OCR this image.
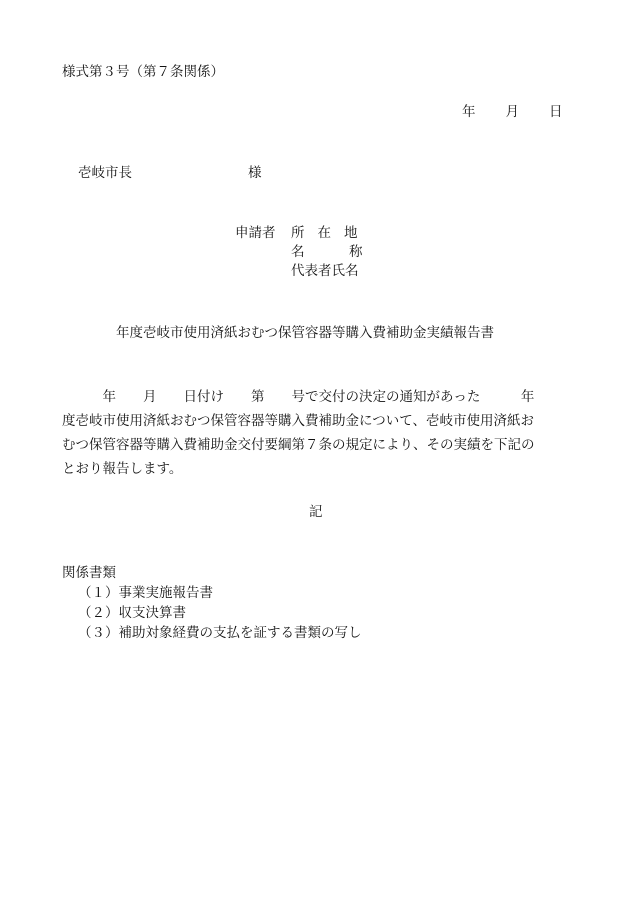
様式第３号（第７条関係）
年 月 日
壱岐市長	様
申請者 所在地
名	称
代表者氏名
年度壱岐市使用済紙おむつ保管容器等購入費補助金実績報告書
　　　年　　月　　日付け　　第　　号で交付の決定の通知があった　　　年
度壱岐市使用済紙おむつ保管容器等購入費補助金について、壱岐市使用済紙お
むつ保管容器等購入費補助金交付要綱第７条の規定により、その実績を下記の
とおり報告します。
記
関係書類
（１）事業実施報告書
（２）収支決算書
（３）補助対象経費の支払を証する書類の写し
